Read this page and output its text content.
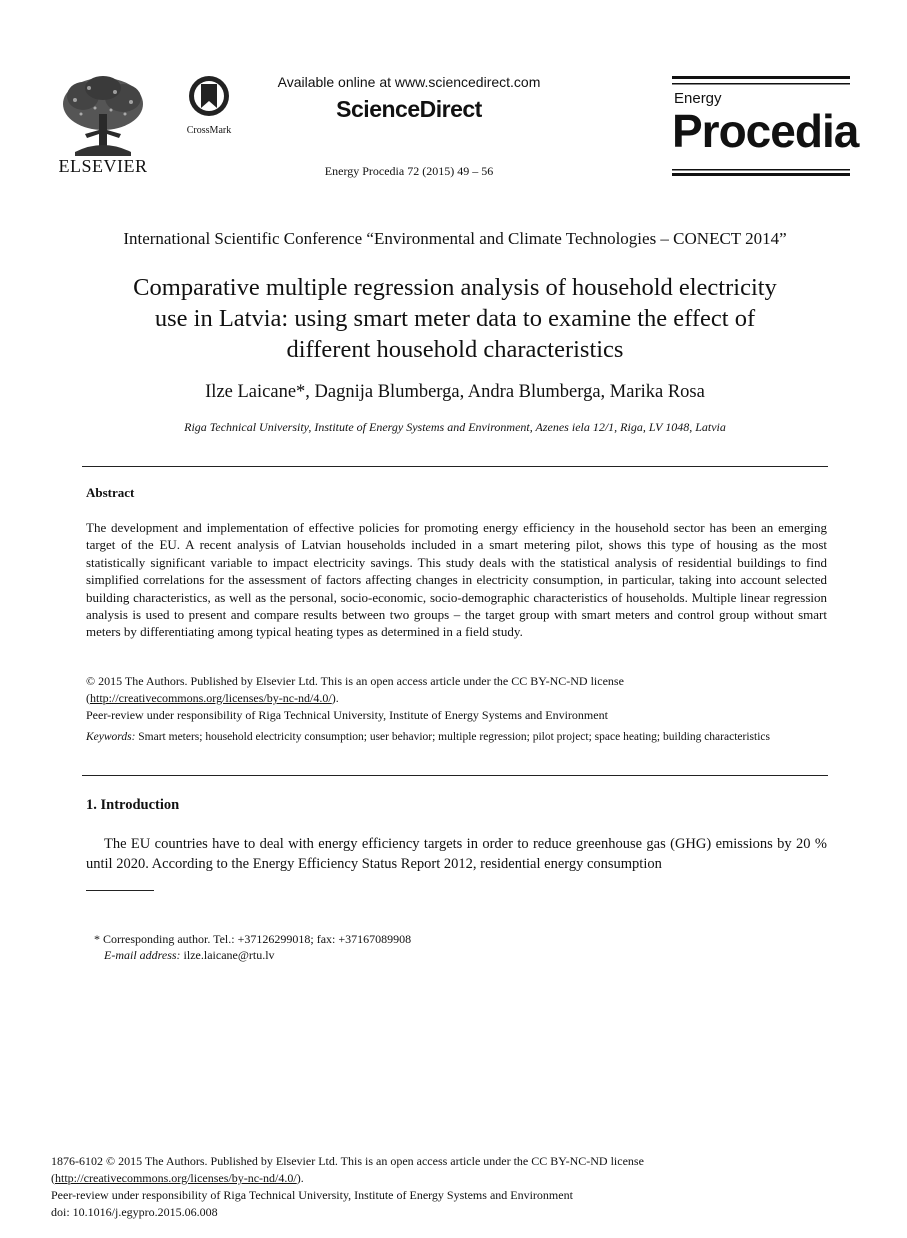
ELSEVIER
CrossMark
Available online at www.sciencedirect.com
ScienceDirect
Energy Procedia 72 (2015) 49 – 56
Energy
Procedia
International Scientific Conference “Environmental and Climate Technologies – CONECT 2014”
Comparative multiple regression analysis of household electricity
use in Latvia: using smart meter data to examine the effect of
different household characteristics
Ilze Laicane*, Dagnija Blumberga, Andra Blumberga, Marika Rosa
Riga Technical University, Institute of Energy Systems and Environment, Azenes iela 12/1, Riga, LV 1048, Latvia
Abstract
The development and implementation of effective policies for promoting energy efficiency in the household sector has been an emerging target of the EU. A recent analysis of Latvian households included in a smart metering pilot, shows this type of housing as the most statistically significant variable to impact electricity savings. This study deals with the statistical analysis of residential buildings to find simplified correlations for the assessment of factors affecting changes in electricity consumption, in particular, taking into account selected building characteristics, as well as the personal, socio-economic, socio-demographic characteristics of households. Multiple linear regression analysis is used to present and compare results between two groups – the target group with smart meters and control group without smart meters by differentiating among typical heating types as determined in a field study.
© 2015 The Authors. Published by Elsevier Ltd. This is an open access article under the CC BY-NC-ND license
(http://creativecommons.org/licenses/by-nc-nd/4.0/).
Peer-review under responsibility of Riga Technical University, Institute of Energy Systems and Environment
Keywords: Smart meters; household electricity consumption; user behavior; multiple regression; pilot project; space heating; building characteristics
1. Introduction
The EU countries have to deal with energy efficiency targets in order to reduce greenhouse gas (GHG) emissions by 20 % until 2020. According to the Energy Efficiency Status Report 2012, residential energy consumption
* Corresponding author. Tel.: +37126299018; fax: +37167089908
E-mail address: ilze.laicane@rtu.lv
1876-6102 © 2015 The Authors. Published by Elsevier Ltd. This is an open access article under the CC BY-NC-ND license
(http://creativecommons.org/licenses/by-nc-nd/4.0/).
Peer-review under responsibility of Riga Technical University, Institute of Energy Systems and Environment
doi: 10.1016/j.egypro.2015.06.008
